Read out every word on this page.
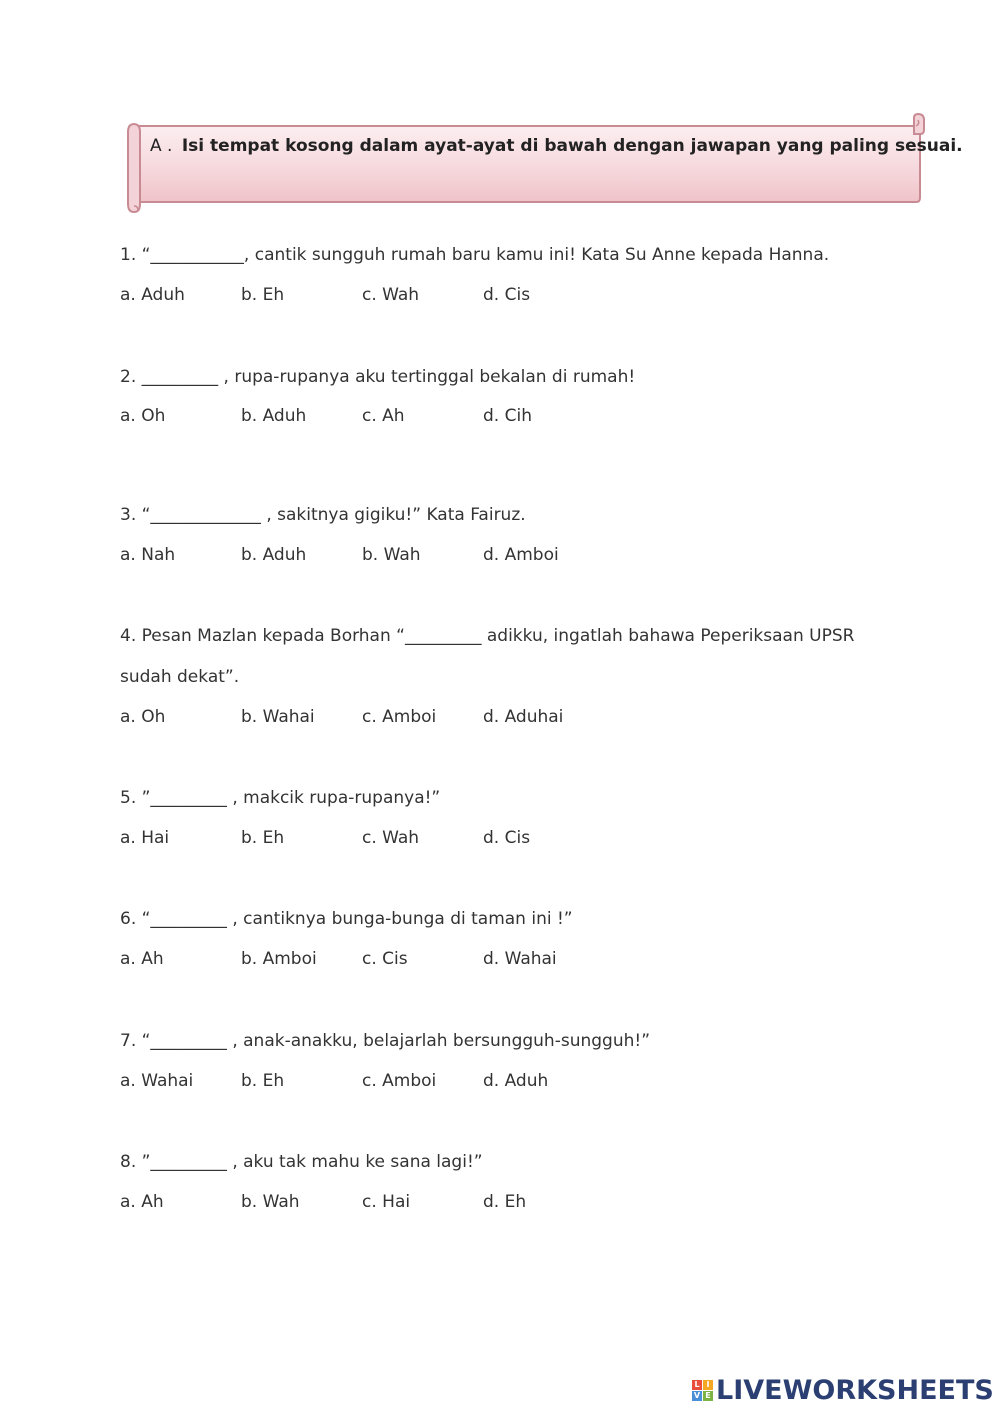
A . Isi tempat kosong dalam ayat-ayat di bawah dengan jawapan yang paling sesuai.
1. “___________, cantik sungguh rumah baru kamu ini! Kata Su Anne kepada Hanna.
a. Aduh	b. Eh	c. Wah	d. Cis
2. _________ , rupa-rupanya aku tertinggal bekalan di rumah!
a. Oh	b. Aduh	c. Ah	d. Cih
3. “_____________ , sakitnya gigiku!” Kata Fairuz.
a. Nah	b. Aduh	b. Wah	d. Amboi
4. Pesan Mazlan kepada Borhan “_________ adikku, ingatlah bahawa Peperiksaan UPSR
sudah dekat”.
a. Oh	b. Wahai	c. Amboi	d. Aduhai
5. ”_________ , makcik rupa-rupanya!”
a. Hai	b. Eh	c. Wah	d. Cis
6. “_________ , cantiknya bunga-bunga di taman ini !”
a. Ah	b. Amboi	c. Cis	d. Wahai
7. “_________ , anak-anakku, belajarlah bersungguh-sungguh!”
a. Wahai	b. Eh	c. Amboi	d. Aduh
8. ”_________ , aku tak mahu ke sana lagi!”
a. Ah	b. Wah	c. Hai	d. Eh
L I
V E LIVEWORKSHEETS
